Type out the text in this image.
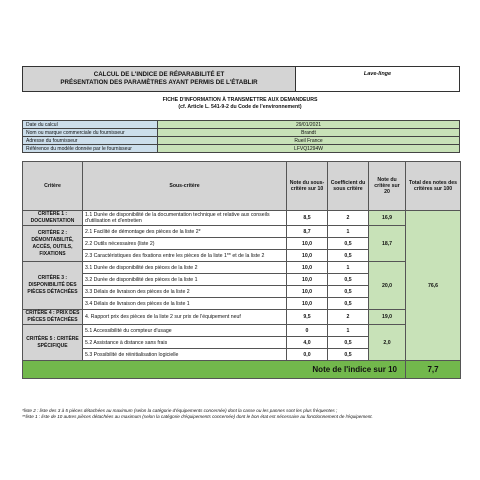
CALCUL DE L'INDICE DE RÉPARABILITÉ ET
PRÉSENTATION DES PARAMÈTRES AYANT PERMIS DE L'ÉTABLIR
Lave-linge
FICHE D'INFORMATION À TRANSMETTRE AUX DEMANDEURS
(cf. Article L. 541-9-2 du Code de l'environnement)
Date du calcul	29/01/2021
Nom ou marque commerciale du fournisseur	Brandt
Adresse du fournisseur	Rueil France
Référence du modèle donnée par le fournisseur	LFVQ1294W
Critère	Sous-critère	Note du sous-critère sur 10	Coefficient du sous critère	Note du critère sur 20	Total des notes des critères sur 100
CRITÈRE 1 : DOCUMENTATION	1.1 Durée de disponibilité de la documentation technique et relative aux conseils d'utilisation et d'entretien	8,5	2	16,9	76,6
CRITÈRE 2 : DÉMONTABILITÉ, ACCÈS, OUTILS, FIXATIONS	2.1 Facilité de démontage des pièces de la liste 2*	8,7	1	18,7	
	2.2 Outils nécessaires (liste 2)	10,0	0,5		
	2.3 Caractéristiques des fixations entre les pièces de la liste 1** et de la liste 2	10,0	0,5		
CRITÈRE 3 : DISPONIBILITÉ DES PIÈCES DÉTACHÉES	3.1 Durée de disponibilité des pièces de la liste 2	10,0	1	20,0	
	3.2 Durée de disponibilité des pièces de la liste 1	10,0	0,5		
	3.3 Délais de livraison des pièces de la liste 2	10,0	0,5		
	3.4 Délais de livraison des pièces de la liste 1	10,0	0,5		
CRITÈRE 4 : PRIX DES PIÈCES DÉTACHÉES	4. Rapport prix des pièces de la liste 2 sur prix de l'équipement neuf	9,5	2	19,0	
CRITÈRE 5 : CRITÈRE SPÉCIFIQUE	5.1 Accessibilité du compteur d'usage	0	1	2,0	
	5.2 Assistance à distance sans frais	4,0	0,5		
	5.3 Possibilité de réinitialisation logicielle	0,0	0,5		
Note de l'indice sur 10					7,7
*liste 2 : liste des 3 à 5 pièces détachées au maximum (selon la catégorie d'équipements concernée) dont la casse ou les pannes sont les plus fréquentes ;
**liste 1 : liste de 10 autres pièces détachées au maximum (selon la catégorie d'équipements concernée) dont le bon état est nécessaire au fonctionnement de l'équipement.
